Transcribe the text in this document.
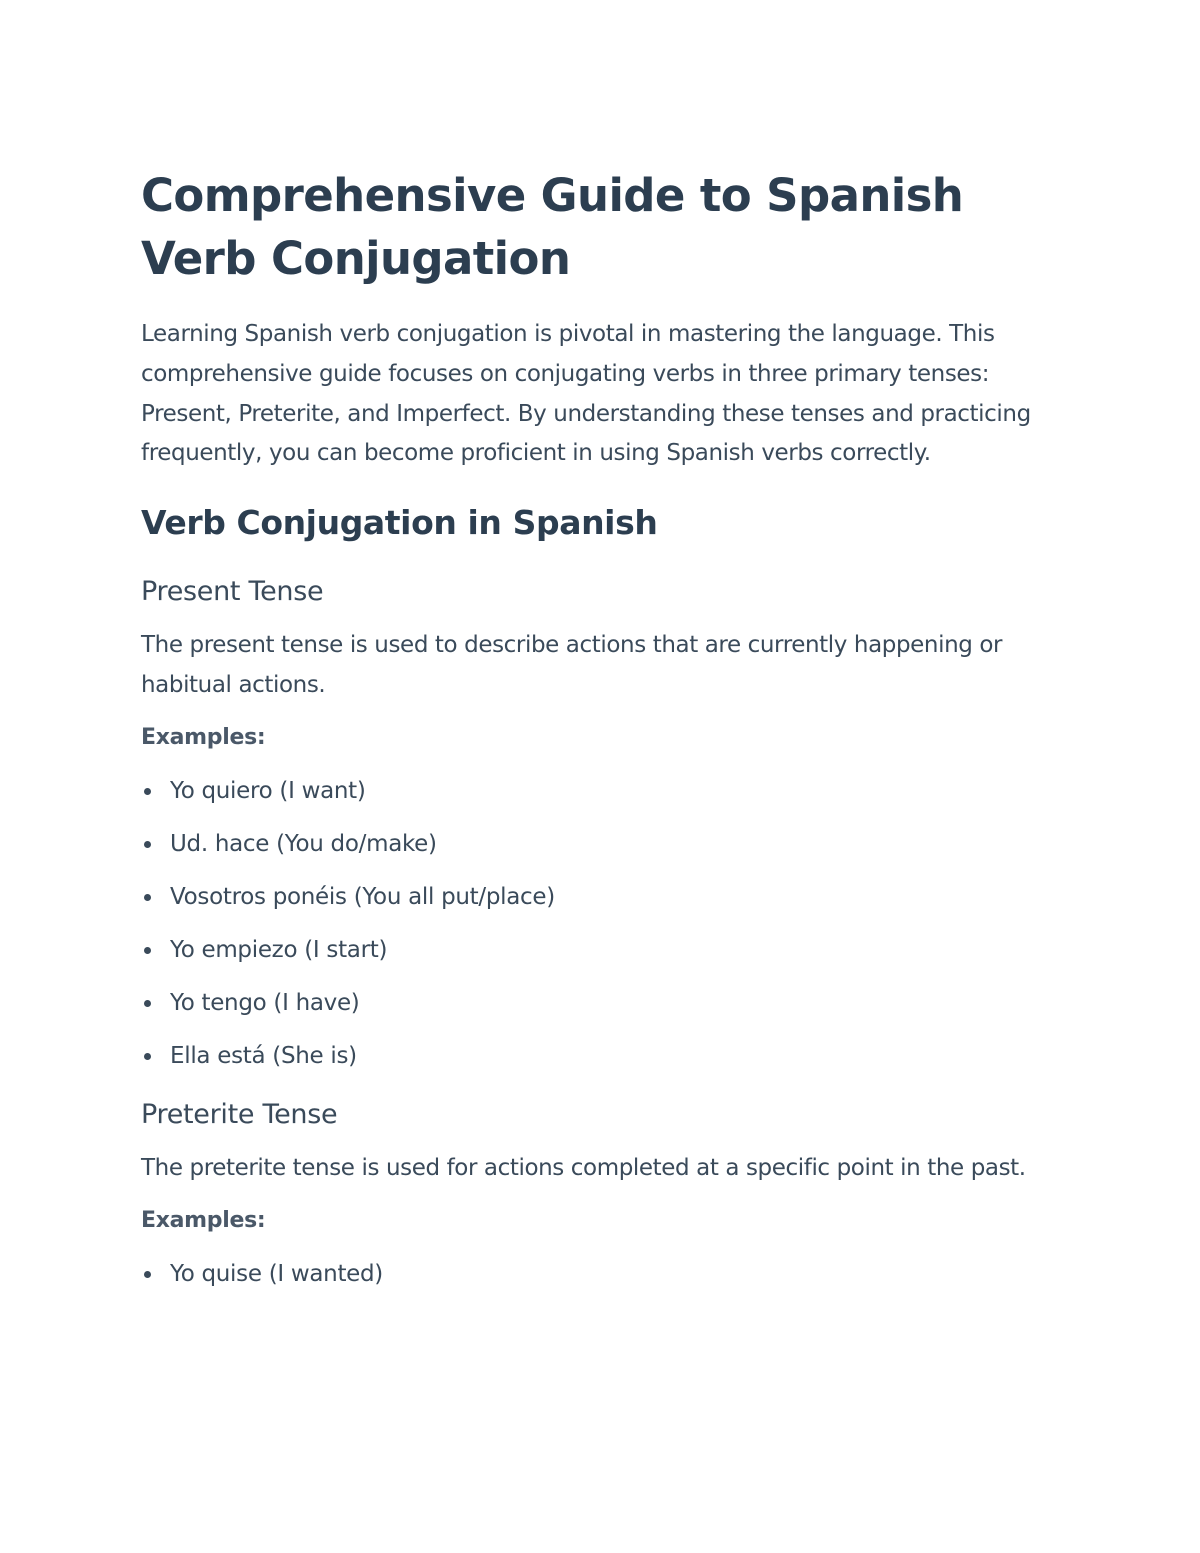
Comprehensive Guide to Spanish Verb Conjugation

Learning Spanish verb conjugation is pivotal in mastering the language. This comprehensive guide focuses on conjugating verbs in three primary tenses: Present, Preterite, and Imperfect. By understanding these tenses and practicing frequently, you can become proficient in using Spanish verbs correctly.

Verb Conjugation in Spanish
Present Tense

The present tense is used to describe actions that are currently happening or habitual actions.

Examples:

Yo quiero (I want)
Ud. hace (You do/make)
Vosotros ponéis (You all put/place)
Yo empiezo (I start)
Yo tengo (I have)
Ella está (She is)
Preterite Tense

The preterite tense is used for actions completed at a specific point in the past.

Examples:

Yo quise (I wanted)
